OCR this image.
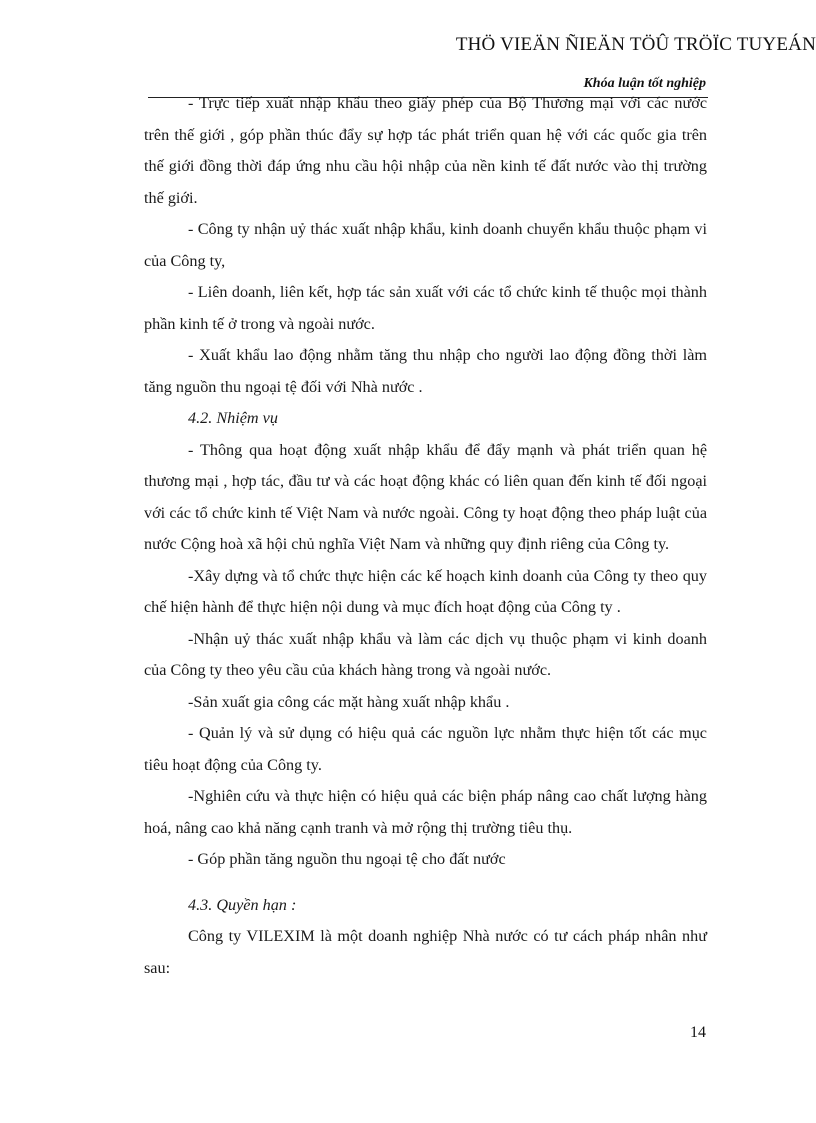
THÖ VIEÄN ÑIEÄN TÖÛ TRÖÏC TUYEÁN
Khóa luận tốt nghiệp

- Trực tiếp xuất nhập khẩu theo giấy phép của Bộ Thương mại với các nước trên thế giới , góp phần thúc đẩy sự hợp tác phát triển quan hệ với các quốc gia trên thế giới đồng thời đáp ứng nhu cầu hội nhập của nền kinh tế đất nước vào thị trường thế giới.

- Công ty nhận uỷ thác xuất nhập khẩu, kinh doanh chuyển khẩu thuộc phạm vi của Công ty,

- Liên doanh, liên kết, hợp tác sản xuất với các tổ chức kinh tế thuộc mọi thành phần kinh tế ở trong và ngoài nước.

- Xuất khẩu lao động nhằm tăng thu nhập cho người lao động đồng thời làm tăng nguồn thu ngoại tệ đối với Nhà nước .

4.2. Nhiệm vụ

- Thông qua hoạt động xuất nhập khẩu để đẩy mạnh và phát triển quan hệ thương mại , hợp tác, đầu tư và các hoạt động khác có liên quan đến kinh tế đối ngoại với các tổ chức kinh tế Việt Nam và nước ngoài. Công ty hoạt động theo pháp luật của nước Cộng hoà xã hội chủ nghĩa Việt Nam và những quy định riêng của Công ty.

-Xây dựng và tổ chức thực hiện các kế hoạch kinh doanh của Công ty theo quy chế hiện hành để thực hiện nội dung và mục đích hoạt động của Công ty .

-Nhận uỷ thác xuất nhập khẩu và làm các dịch vụ thuộc phạm vi kinh doanh của Công ty theo yêu cầu của khách hàng trong và ngoài nước.

-Sản xuất gia công các mặt hàng xuất nhập khẩu .

- Quản lý và sử dụng có hiệu quả các nguồn lực nhằm thực hiện tốt các mục tiêu hoạt động của Công ty.

-Nghiên cứu và thực hiện có hiệu quả các biện pháp nâng cao chất lượng hàng hoá, nâng cao khả năng cạnh tranh và mở rộng thị trường tiêu thụ.

- Góp phần tăng nguồn thu ngoại tệ cho đất nước

4.3. Quyền hạn :

Công ty VILEXIM là một doanh nghiệp Nhà nước có tư cách pháp nhân như sau:

14
